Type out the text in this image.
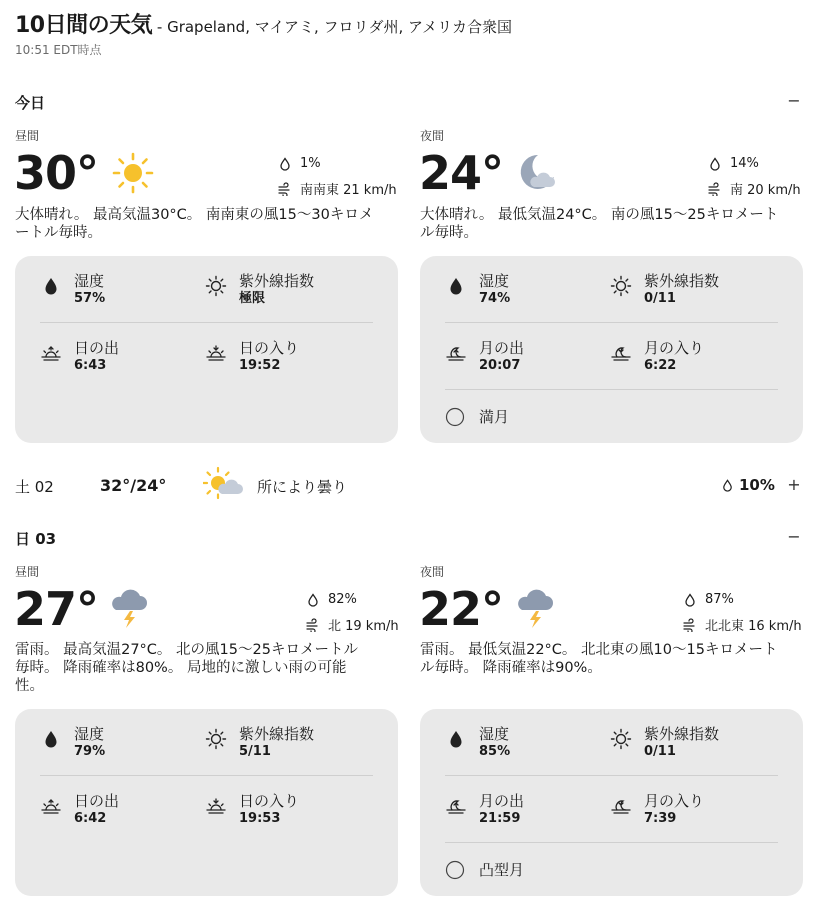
10日間の天気 - Grapeland, マイアミ, フロリダ州, アメリカ合衆国
10:51 EDT時点
今日	−
昼間
30°	1%
南南東 21 km/h
大体晴れ。 最高気温30°C。 南南東の風15～30キロメートル毎時。
湿度
57%
紫外線指数
極限
日の出
6:43
日の入り
19:52
夜間
24°	14%
南 20 km/h
大体晴れ。 最低気温24°C。 南の風15～25キロメートル毎時。
湿度
74%
紫外線指数
0/11
月の出
20:07
月の入り
6:22
満月
土 02	32°/24°	所により曇り	10% +
日 03	−
昼間
27°	82%
北 19 km/h
雷雨。 最高気温27°C。 北の風15～25キロメートル毎時。 降雨確率は80%。 局地的に激しい雨の可能性。
湿度
79%
紫外線指数
5/11
日の出
6:42
日の入り
19:53
夜間
22°	87%
北北東 16 km/h
雷雨。 最低気温22°C。 北北東の風10～15キロメートル毎時。 降雨確率は90%。
湿度
85%
紫外線指数
0/11
月の出
21:59
月の入り
7:39
凸型月
